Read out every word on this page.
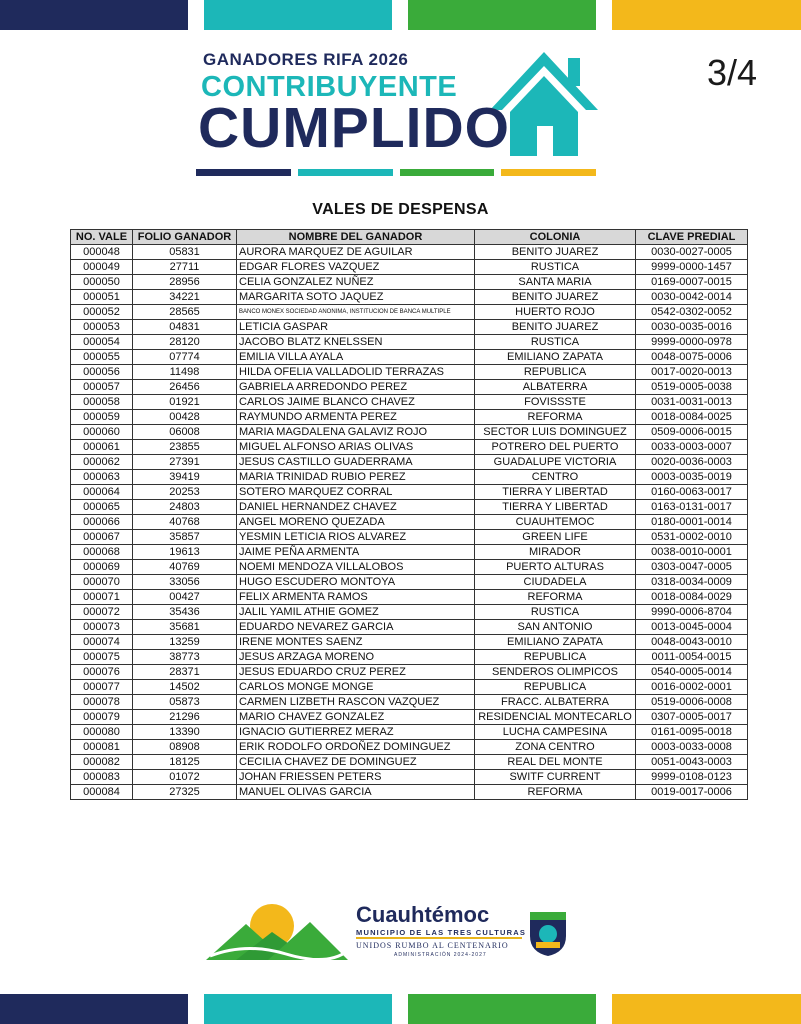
GANADORES RIFA 2026
CONTRIBUYENTE
CUMPLIDO
3/4
VALES DE DESPENSA
NO. VALE	FOLIO GANADOR	NOMBRE DEL GANADOR	COLONIA	CLAVE PREDIAL
000048	05831	AURORA MARQUEZ DE AGUILAR	BENITO JUAREZ	0030-0027-0005
000049	27711	EDGAR FLORES VAZQUEZ	RUSTICA	9999-0000-1457
000050	28956	CELIA GONZALEZ NUÑEZ	SANTA MARIA	0169-0007-0015
000051	34221	MARGARITA SOTO JAQUEZ	BENITO JUAREZ	0030-0042-0014
000052	28565	BANCO MONEX SOCIEDAD ANONIMA, INSTITUCION DE BANCA MULTIPLE	HUERTO ROJO	0542-0302-0052
000053	04831	LETICIA GASPAR	BENITO JUAREZ	0030-0035-0016
000054	28120	JACOBO BLATZ KNELSSEN	RUSTICA	9999-0000-0978
000055	07774	EMILIA VILLA AYALA	EMILIANO ZAPATA	0048-0075-0006
000056	11498	HILDA OFELIA VALLADOLID TERRAZAS	REPUBLICA	0017-0020-0013
000057	26456	GABRIELA ARREDONDO PEREZ	ALBATERRA	0519-0005-0038
000058	01921	CARLOS JAIME BLANCO CHAVEZ	FOVISSSTE	0031-0031-0013
000059	00428	RAYMUNDO ARMENTA PEREZ	REFORMA	0018-0084-0025
000060	06008	MARIA MAGDALENA GALAVIZ ROJO	SECTOR LUIS DOMINGUEZ	0509-0006-0015
000061	23855	MIGUEL ALFONSO ARIAS OLIVAS	POTRERO DEL PUERTO	0033-0003-0007
000062	27391	JESUS CASTILLO GUADERRAMA	GUADALUPE VICTORIA	0020-0036-0003
000063	39419	MARIA TRINIDAD RUBIO PEREZ	CENTRO	0003-0035-0019
000064	20253	SOTERO MARQUEZ CORRAL	TIERRA Y LIBERTAD	0160-0063-0017
000065	24803	DANIEL HERNANDEZ CHAVEZ	TIERRA Y LIBERTAD	0163-0131-0017
000066	40768	ANGEL MORENO QUEZADA	CUAUHTEMOC	0180-0001-0014
000067	35857	YESMIN LETICIA RIOS ALVAREZ	GREEN LIFE	0531-0002-0010
000068	19613	JAIME PEÑA ARMENTA	MIRADOR	0038-0010-0001
000069	40769	NOEMI MENDOZA VILLALOBOS	PUERTO ALTURAS	0303-0047-0005
000070	33056	HUGO ESCUDERO MONTOYA	CIUDADELA	0318-0034-0009
000071	00427	FELIX ARMENTA RAMOS	REFORMA	0018-0084-0029
000072	35436	JALIL YAMIL ATHIE GOMEZ	RUSTICA	9990-0006-8704
000073	35681	EDUARDO NEVAREZ GARCIA	SAN ANTONIO	0013-0045-0004
000074	13259	IRENE MONTES SAENZ	EMILIANO ZAPATA	0048-0043-0010
000075	38773	JESUS ARZAGA MORENO	REPUBLICA	0011-0054-0015
000076	28371	JESUS EDUARDO CRUZ PEREZ	SENDEROS OLIMPICOS	0540-0005-0014
000077	14502	CARLOS MONGE MONGE	REPUBLICA	0016-0002-0001
000078	05873	CARMEN LIZBETH RASCON VAZQUEZ	FRACC. ALBATERRA	0519-0006-0008
000079	21296	MARIO CHAVEZ GONZALEZ	RESIDENCIAL MONTECARLO	0307-0005-0017
000080	13390	IGNACIO GUTIERREZ MERAZ	LUCHA CAMPESINA	0161-0095-0018
000081	08908	ERIK RODOLFO ORDOÑEZ DOMINGUEZ	ZONA CENTRO	0003-0033-0008
000082	18125	CECILIA CHAVEZ DE DOMINGUEZ	REAL DEL MONTE	0051-0043-0003
000083	01072	JOHAN FRIESSEN PETERS	SWITF CURRENT	9999-0108-0123
000084	27325	MANUEL OLIVAS GARCIA	REFORMA	0019-0017-0006
Cuauhtémoc
MUNICIPIO DE LAS TRES CULTURAS
UNIDOS RUMBO AL CENTENARIO
ADMINISTRACIÓN 2024-2027
